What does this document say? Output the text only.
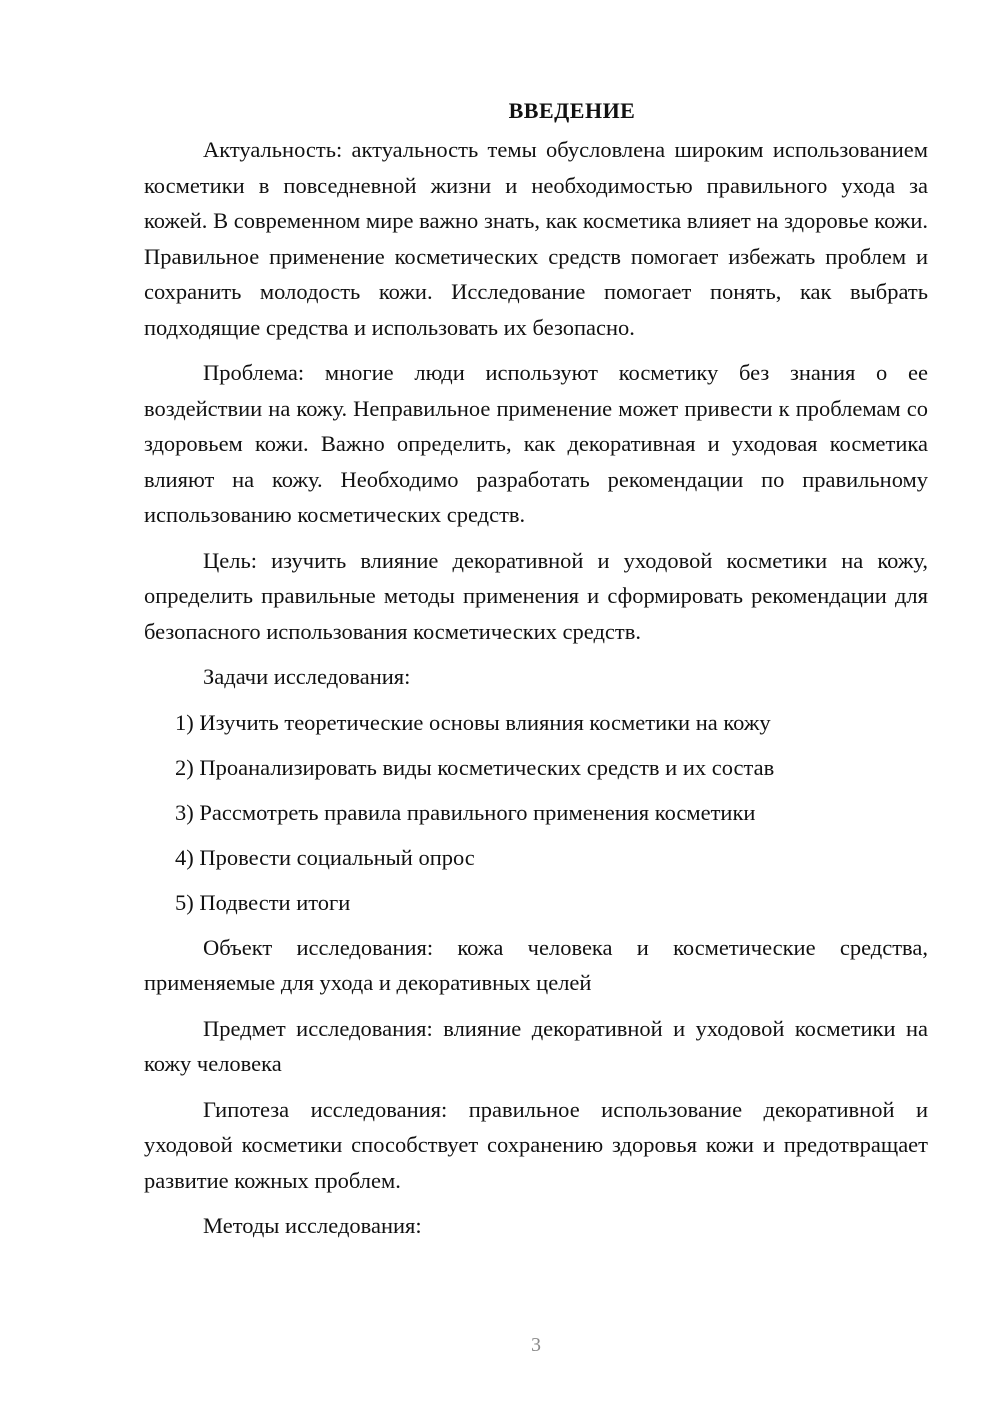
ВВЕДЕНИЕ

Актуальность: актуальность темы обусловлена широким использованием косметики в повседневной жизни и необходимостью правильного ухода за кожей. В современном мире важно знать, как косметика влияет на здоровье кожи. Правильное применение косметических средств помогает избежать проблем и сохранить молодость кожи. Исследование помогает понять, как выбрать подходящие средства и использовать их безопасно.

Проблема: многие люди используют косметику без знания о ее воздействии на кожу. Неправильное применение может привести к проблемам со здоровьем кожи. Важно определить, как декоративная и уходовая косметика влияют на кожу. Необходимо разработать рекомендации по правильному использованию косметических средств.

Цель: изучить влияние декоративной и уходовой косметики на кожу, определить правильные методы применения и сформировать рекомендации для безопасного использования косметических средств.

Задачи исследования:

1) Изучить теоретические основы влияния косметики на кожу
2) Проанализировать виды косметических средств и их состав
3) Рассмотреть правила правильного применения косметики
4) Провести социальный опрос
5) Подвести итоги

Объект исследования: кожа человека и косметические средства, применяемые для ухода и декоративных целей

Предмет исследования: влияние декоративной и уходовой косметики на кожу человека

Гипотеза исследования: правильное использование декоративной и уходовой косметики способствует сохранению здоровья кожи и предотвращает развитие кожных проблем.

Методы исследования:

3
